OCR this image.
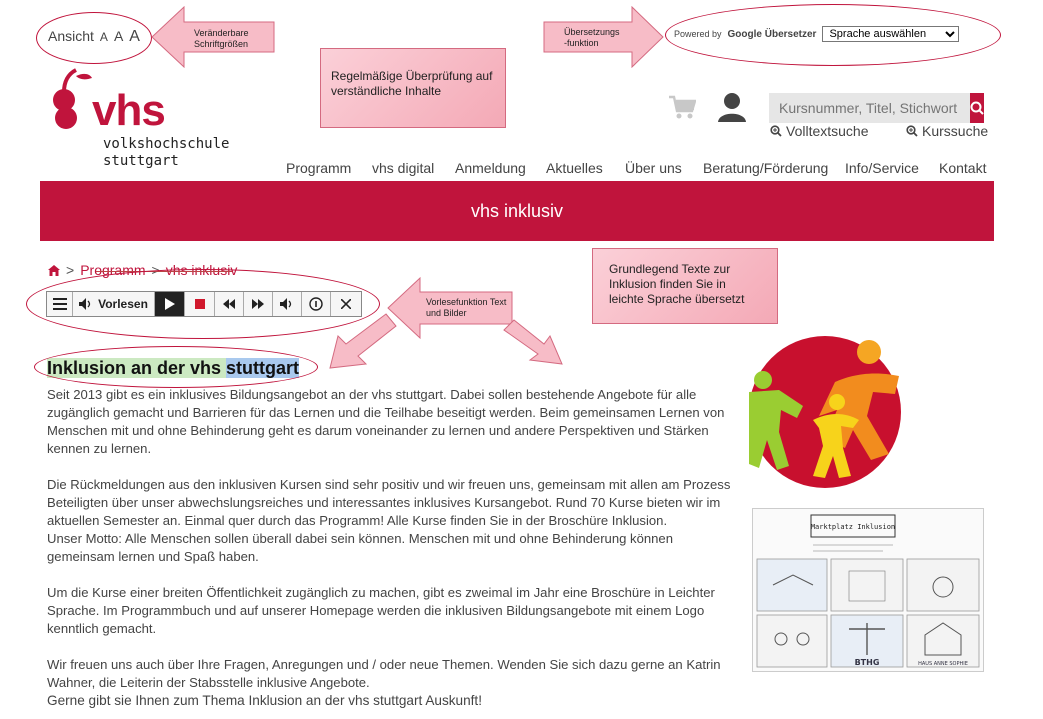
Ansicht A A A	Veränderbare Schriftgrößen
Übersetzungs -funktion
Powered by Google Übersetzer
Sprache auswählen
Regelmäßige Überprüfung auf verständliche Inhalte
vhs
volkshochschule
stuttgart
Kursnummer, Titel, Stichwort
Volltextsuche	Kurssuche
Programm vhs digital Anmeldung Aktuelles Über uns Beratung/Förderung Info/Service Kontakt
vhs inklusiv
> Programm > vhs inklusiv
Vorlesen	Vorlesefunktion Text und Bilder
Grundlegend Texte zur Inklusion finden Sie in leichte Sprache übersetzt
Inklusion an der vhs stuttgart

Seit 2013 gibt es ein inklusives Bildungsangebot an der vhs stuttgart. Dabei sollen bestehende Angebote für alle zugänglich gemacht und Barrieren für das Lernen und die Teilhabe beseitigt werden. Beim gemeinsamen Lernen von Menschen mit und ohne Behinderung geht es darum voneinander zu lernen und andere Perspektiven und Stärken kennen zu lernen.

Die Rückmeldungen aus den inklusiven Kursen sind sehr positiv und wir freuen uns, gemeinsam mit allen am Prozess Beteiligten über unser abwechslungsreiches und interessantes inklusives Kursangebot. Rund 70 Kurse bieten wir im aktuellen Semester an. Einmal quer durch das Programm! Alle Kurse finden Sie in der Broschüre Inklusion.

Unser Motto: Alle Menschen sollen überall dabei sein können. Menschen mit und ohne Behinderung können gemeinsam lernen und Spaß haben.

Um die Kurse einer breiten Öffentlichkeit zugänglich zu machen, gibt es zweimal im Jahr eine Broschüre in Leichter Sprache. Im Programmbuch und auf unserer Homepage werden die inklusiven Bildungsangebote mit einem Logo kenntlich gemacht.

Wir freuen uns auch über Ihre Fragen, Anregungen und / oder neue Themen. Wenden Sie sich dazu gerne an Katrin Wahner, die Leiterin der Stabsstelle inklusive Angebote.

Gerne gibt sie Ihnen zum Thema Inklusion an der vhs stuttgart Auskunft!

Marktplatz Inklusion
BTHG	HAUS ANNE SOPHIE
